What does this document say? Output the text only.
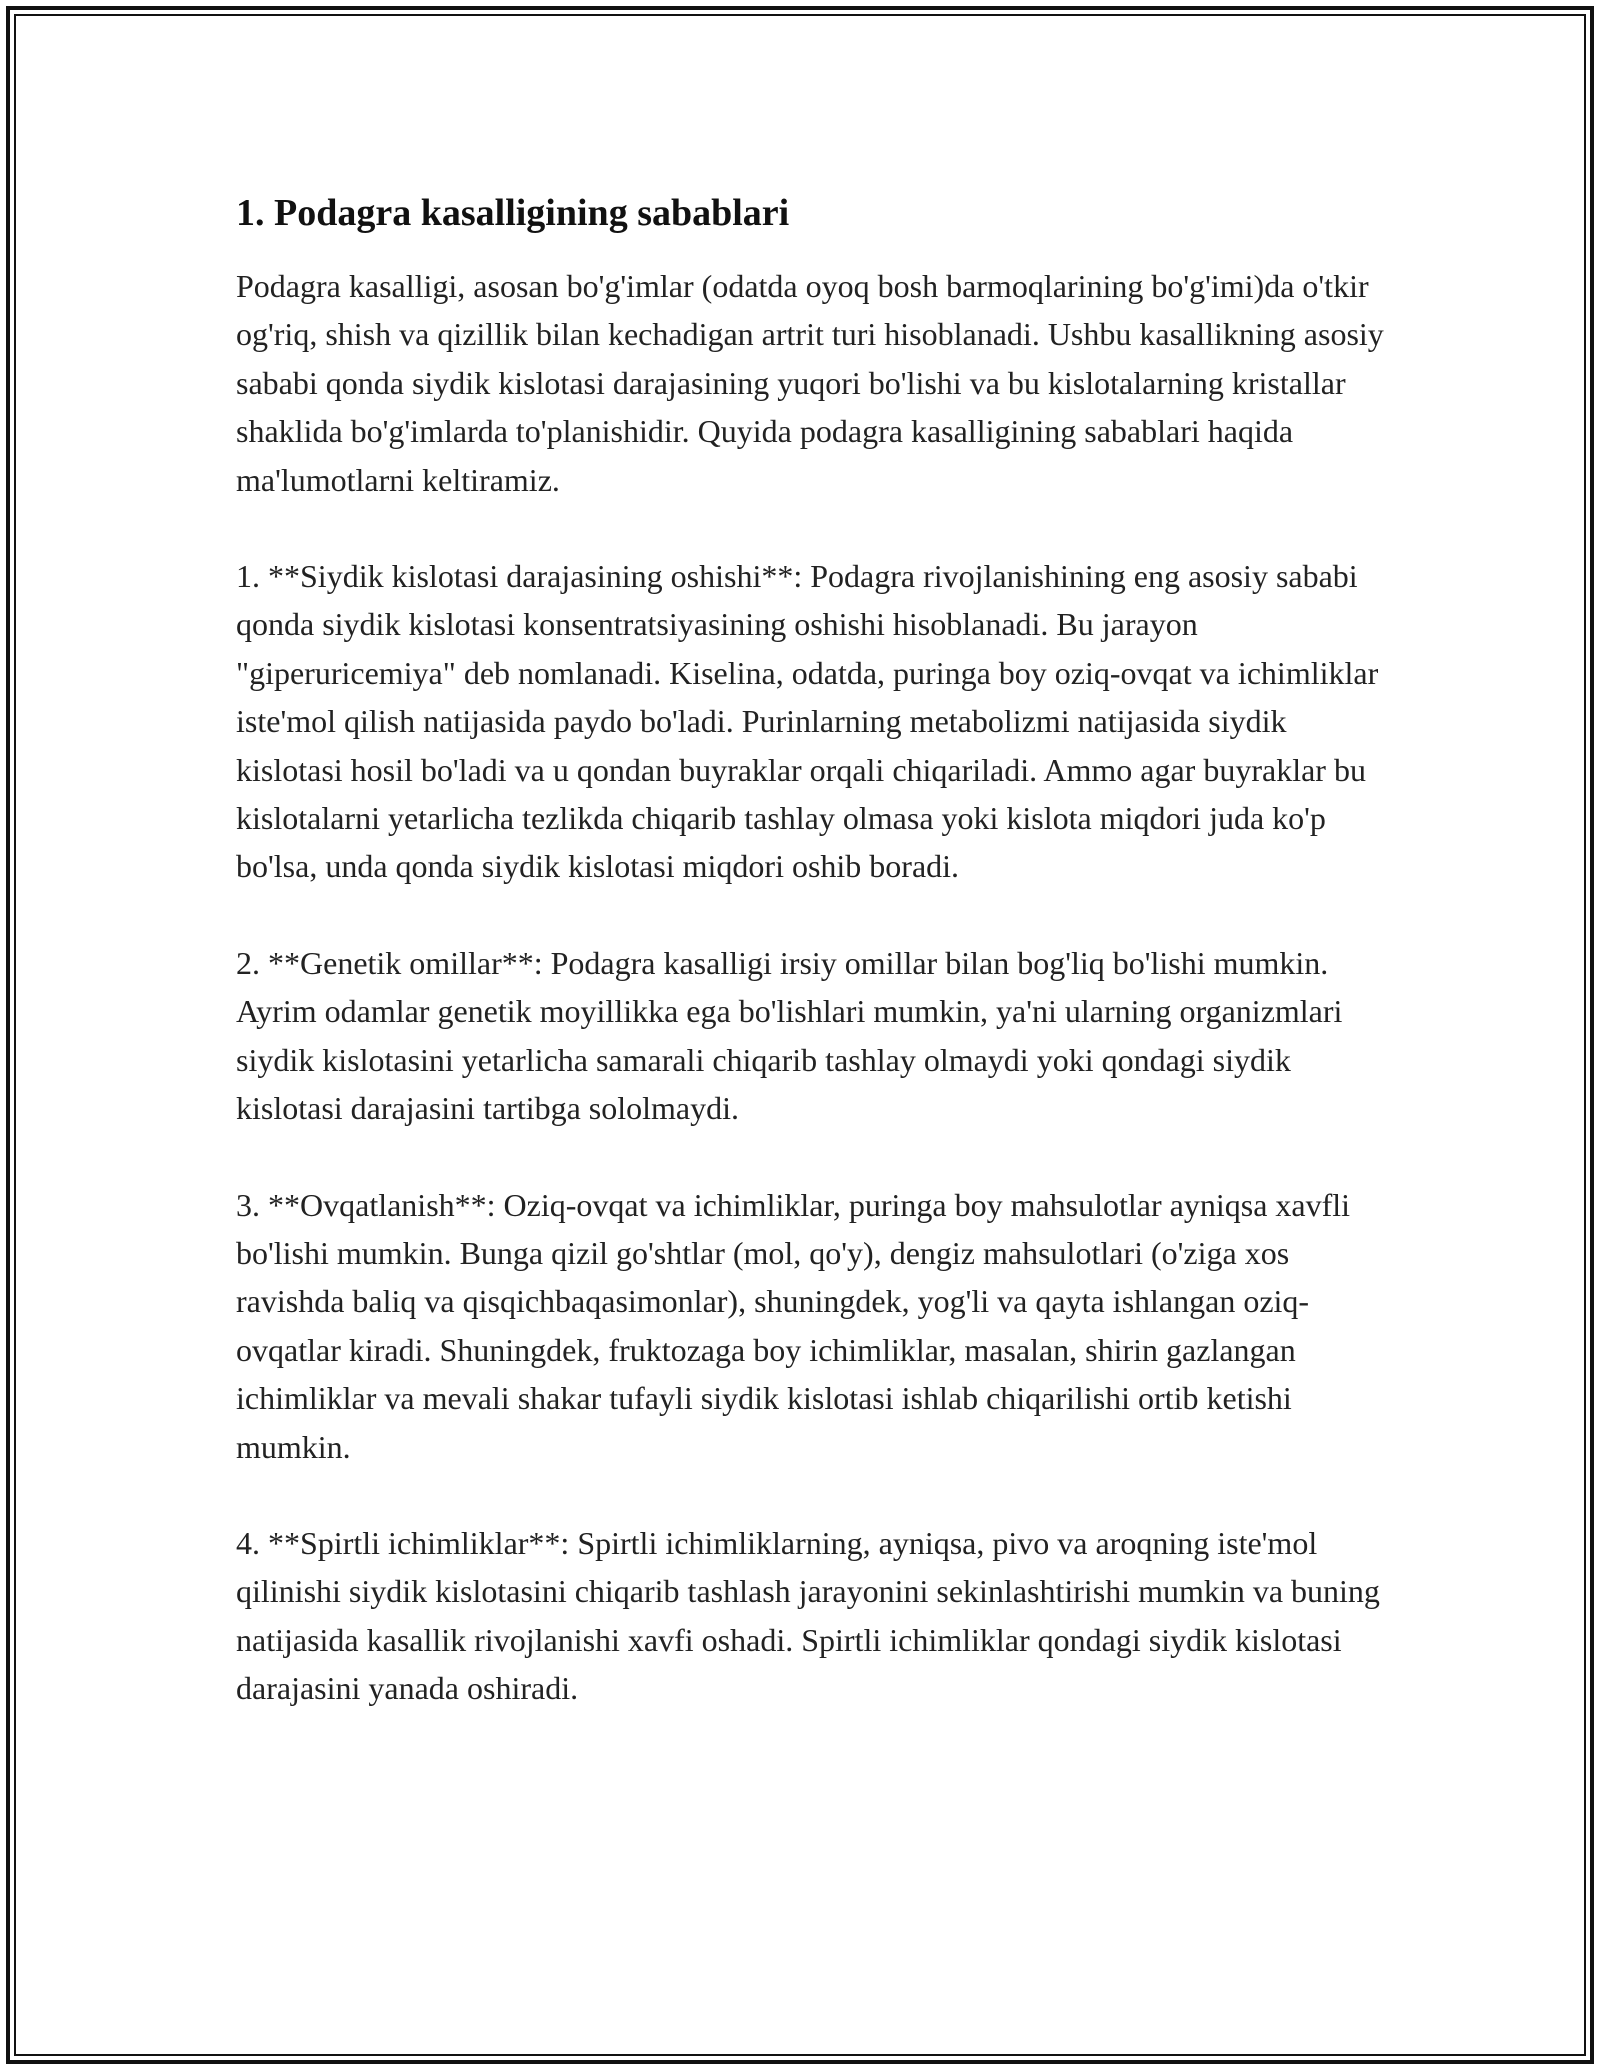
1. Podagra kasalligining sabablari

Podagra kasalligi, asosan bo'g'imlar (odatda oyoq bosh barmoqlarining bo'g'imi)da o'tkir og'riq, shish va qizillik bilan kechadigan artrit turi hisoblanadi. Ushbu kasallikning asosiy sababi qonda siydik kislotasi darajasining yuqori bo'lishi va bu kislotalarning kristallar shaklida bo'g'imlarda to'planishidir. Quyida podagra kasalligining sabablari haqida ma'lumotlarni keltiramiz.

1. **Siydik kislotasi darajasining oshishi**: Podagra rivojlanishining eng asosiy sababi qonda siydik kislotasi konsentratsiyasining oshishi hisoblanadi. Bu jarayon "giperuricemiya" deb nomlanadi. Kiselina, odatda, puringa boy oziq-ovqat va ichimliklar iste'mol qilish natijasida paydo bo'ladi. Purinlarning metabolizmi natijasida siydik kislotasi hosil bo'ladi va u qondan buyraklar orqali chiqariladi. Ammo agar buyraklar bu kislotalarni yetarlicha tezlikda chiqarib tashlay olmasa yoki kislota miqdori juda ko'p bo'lsa, unda qonda siydik kislotasi miqdori oshib boradi.

2. **Genetik omillar**: Podagra kasalligi irsiy omillar bilan bog'liq bo'lishi mumkin. Ayrim odamlar genetik moyillikka ega bo'lishlari mumkin, ya'ni ularning organizmlari siydik kislotasini yetarlicha samarali chiqarib tashlay olmaydi yoki qondagi siydik kislotasi darajasini tartibga sololmaydi.

3. **Ovqatlanish**: Oziq-ovqat va ichimliklar, puringa boy mahsulotlar ayniqsa xavfli bo'lishi mumkin. Bunga qizil go'shtlar (mol, qo'y), dengiz mahsulotlari (o'ziga xos ravishda baliq va qisqichbaqasimonlar), shuningdek, yog'li va qayta ishlangan oziq-ovqatlar kiradi. Shuningdek, fruktozaga boy ichimliklar, masalan, shirin gazlangan ichimliklar va mevali shakar tufayli siydik kislotasi ishlab chiqarilishi ortib ketishi mumkin.

4. **Spirtli ichimliklar**: Spirtli ichimliklarning, ayniqsa, pivo va aroqning iste'mol qilinishi siydik kislotasini chiqarib tashlash jarayonini sekinlashtirishi mumkin va buning natijasida kasallik rivojlanishi xavfi oshadi. Spirtli ichimliklar qondagi siydik kislotasi darajasini yanada oshiradi.
